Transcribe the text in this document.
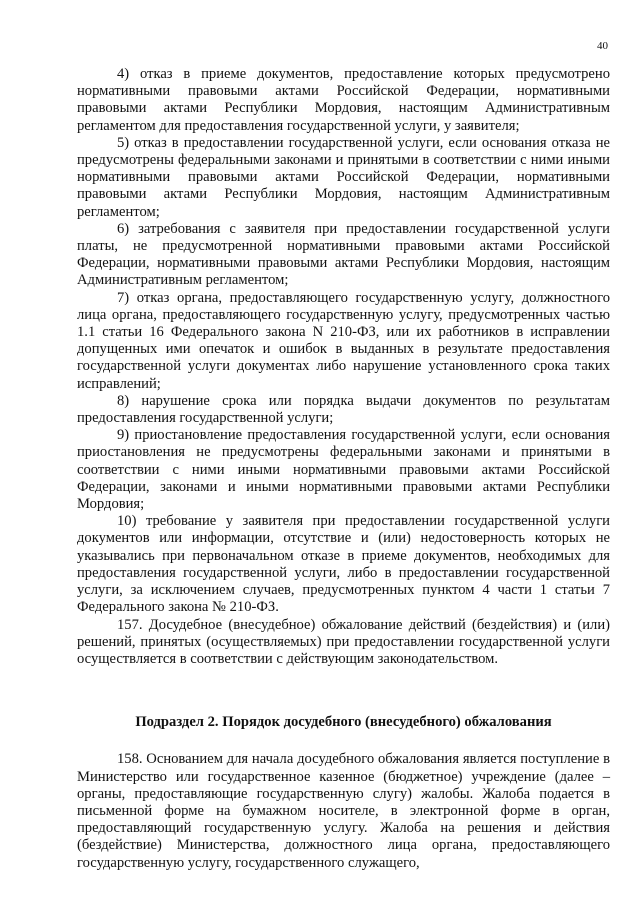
40

4) отказ в приеме документов, предоставление которых предусмотрено нормативными правовыми актами Российской Федерации, нормативными правовыми актами Республики Мордовия, настоящим Административным регламентом для предоставления государственной услуги, у заявителя;

5) отказ в предоставлении государственной услуги, если основания отказа не предусмотрены федеральными законами и принятыми в соответствии с ними иными нормативными правовыми актами Российской Федерации, нормативными правовыми актами Республики Мордовия, настоящим Административным регламентом;

6) затребования с заявителя при предоставлении государственной услуги платы, не предусмотренной нормативными правовыми актами Российской Федерации, нормативными правовыми актами Республики Мордовия, настоящим Административным регламентом;

7) отказ органа, предоставляющего государственную услугу, должностного лица органа, предоставляющего государственную услугу, предусмотренных частью 1.1 статьи 16 Федерального закона N 210-ФЗ, или их работников в исправлении допущенных ими опечаток и ошибок в выданных в результате предоставления государственной услуги документах либо нарушение установленного срока таких исправлений;

8) нарушение срока или порядка выдачи документов по результатам предоставления государственной услуги;

9) приостановление предоставления государственной услуги, если основания приостановления не предусмотрены федеральными законами и принятыми в соответствии с ними иными нормативными правовыми актами Российской Федерации, законами и иными нормативными правовыми актами Республики Мордовия;

10) требование у заявителя при предоставлении государственной услуги документов или информации, отсутствие и (или) недостоверность которых не указывались при первоначальном отказе в приеме документов, необходимых для предоставления государственной услуги, либо в предоставлении государственной услуги, за исключением случаев, предусмотренных пунктом 4 части 1 статьи 7 Федерального закона № 210-ФЗ.

157. Досудебное (внесудебное) обжалование действий (бездействия) и (или) решений, принятых (осуществляемых) при предоставлении государственной услуги осуществляется в соответствии с действующим законодательством.

Подраздел 2. Порядок досудебного (внесудебного) обжалования

158. Основанием для начала досудебного обжалования является поступление в Министерство или государственное казенное (бюджетное) учреждение (далее – органы, предоставляющие государственную слугу) жалобы. Жалоба подается в письменной форме на бумажном носителе, в электронной форме в орган, предоставляющий государственную услугу. Жалоба на решения и действия (бездействие) Министерства, должностного лица органа, предоставляющего государственную услугу, государственного служащего,
